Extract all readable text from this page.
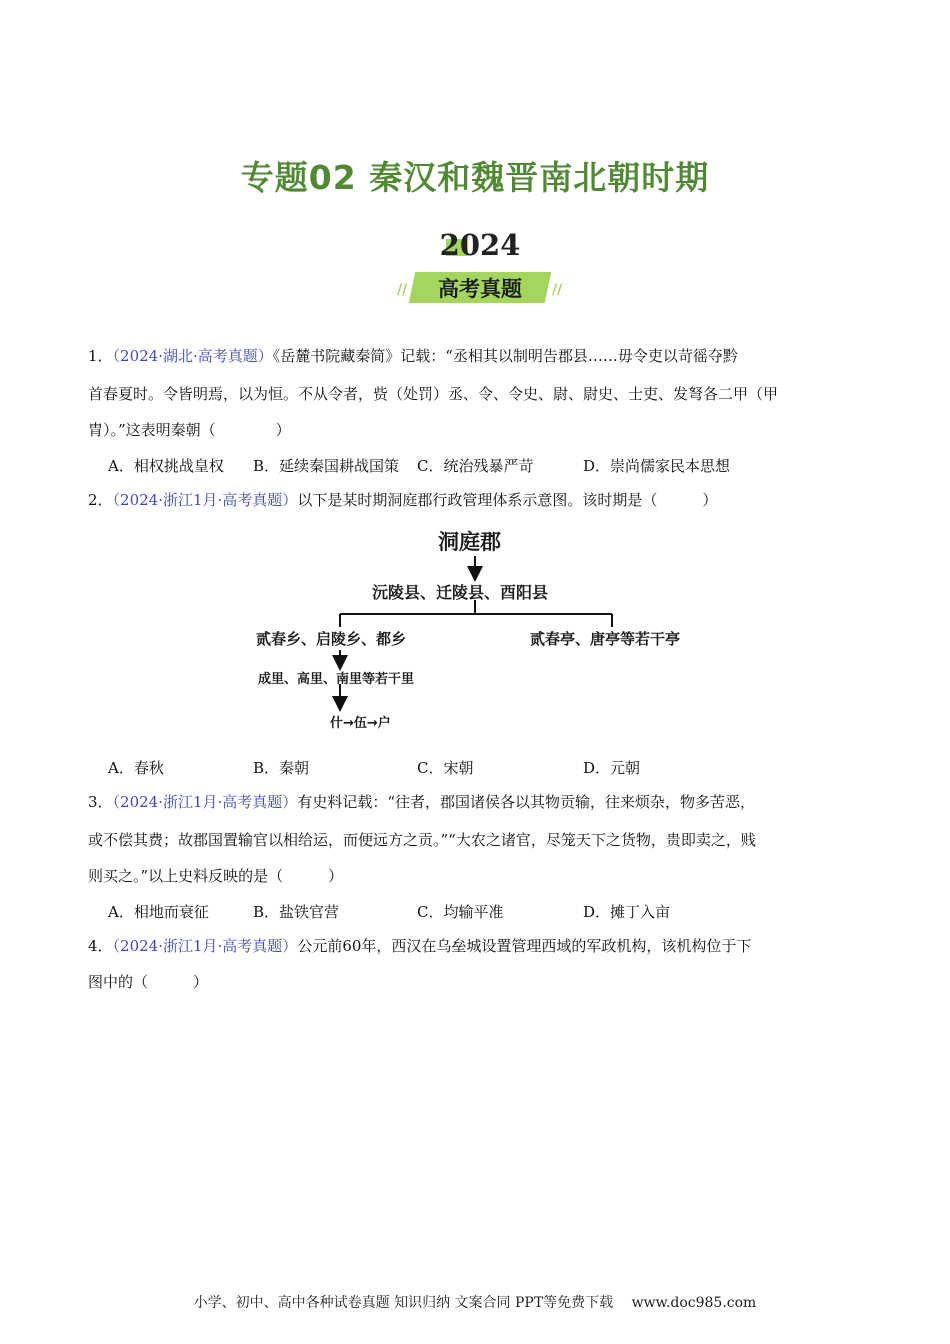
专题02 秦汉和魏晋南北朝时期
2024
高考真题
//	//
1．（2024·湖北·高考真题）《岳麓书院藏秦简》记载：“丞相其以制明告郡县……毋令吏以苛徭夺黔
首春夏时。令皆明焉，以为恒。不从令者，赀（处罚）丞、令、令史、尉、尉史、士吏、发弩各二甲（甲
胄）。”这表明秦朝（　　　　）
A．相权挑战皇权 B．延续秦国耕战国策 C．统治残暴严苛	D．崇尚儒家民本思想
2．（2024·浙江1月·高考真题）以下是某时期洞庭郡行政管理体系示意图。该时期是（　　　）
洞庭郡
沅陵县、迁陵县、酉阳县
贰春乡、启陵乡、都乡	贰春亭、唐亭等若干亭
成里、高里、南里等若干里
什→伍→户
A．春秋	B．秦朝	C．宋朝	D．元朝
3．（2024·浙江1月·高考真题）有史料记载：“往者，郡国诸侯各以其物贡输，往来烦杂，物多苦恶，
或不偿其费；故郡国置输官以相给运，而便远方之贡。”“大农之诸官，尽笼天下之货物，贵即卖之，贱
则买之。”以上史料反映的是（　　　）
A．相地而衰征	B．盐铁官营	C．均输平准	D．摊丁入亩
4．（2024·浙江1月·高考真题）公元前60年，西汉在乌垒城设置管理西域的军政机构，该机构位于下
图中的（　　　）
小学、初中、高中各种试卷真题 知识归纳 文案合同 PPT等免费下载　 www.doc985.com
